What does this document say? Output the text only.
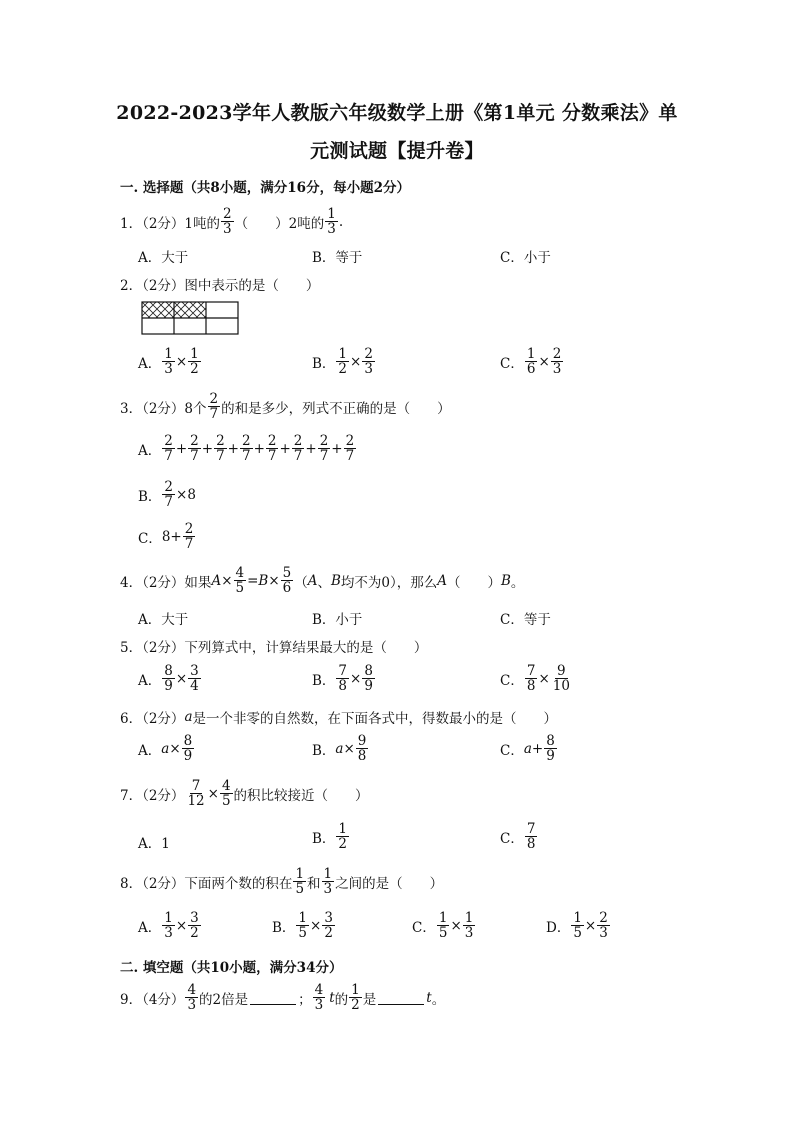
2022-2023学年人教版六年级数学上册《第1单元 分数乘法》单
元测试题【提升卷】
一. 选择题（共8小题，满分16分，每小题2分）
1．（2分）1吨的 $\frac{2}{3}$ （　　）2吨的 $\frac{1}{3}$ .
A．大于	B．等于	C．小于
2．（2分）图中表示的是（　　）
A． $\frac{1}{3} \times \frac{1}{2}$	B． $\frac{1}{2} \times \frac{2}{3}$	C． $\frac{1}{6} \times \frac{2}{3}$
3．（2分）8个 $\frac{2}{7}$ 的和是多少，列式不正确的是（　　）
A． $\frac{2}{7} + \frac{2}{7} + \frac{2}{7} + \frac{2}{7} + \frac{2}{7} + \frac{2}{7} + \frac{2}{7} + \frac{2}{7}$
B． $\frac{2}{7} \times 8$
C． $8+ \frac{2}{7}$
4．（2分）如果 $A \times \frac{4}{5} = B \times \frac{5}{6}$ （ A 、 B 均不为0），那么 A （　　） B 。
A．大于	B．小于	C．等于
5．（2分）下列算式中，计算结果最大的是（　　）
A． $\frac{8}{9} \times \frac{3}{4}$	B． $\frac{7}{8} \times \frac{8}{9}$	C． $\frac{7}{8} \times \frac{9}{10}$
6．（2分） a 是一个非零的自然数，在下面各式中，得数最小的是（　　）
A． $a \times \frac{8}{9}$	B． $a \times \frac{9}{8}$	C． $a + \frac{8}{9}$
7．（2分） $\frac{7}{12} \times \frac{4}{5}$ 的积比较接近（　　）
A．1	B． $\frac{1}{2}$	C． $\frac{7}{8}$
8．（2分）下面两个数的积在 $\frac{1}{5}$ 和 $\frac{1}{3}$ 之间的是（　　）
A． $\frac{1}{3} \times \frac{3}{2}$	B． $\frac{1}{5} \times \frac{3}{2}$	C． $\frac{1}{5} \times \frac{1}{3}$	D． $\frac{1}{5} \times \frac{2}{3}$
二. 填空题（共10小题，满分34分）
9．（4分） $\frac{4}{3}$ 的2倍是	； $\frac{4}{3}$ t 的 $\frac{1}{2}$ 是	t 。
